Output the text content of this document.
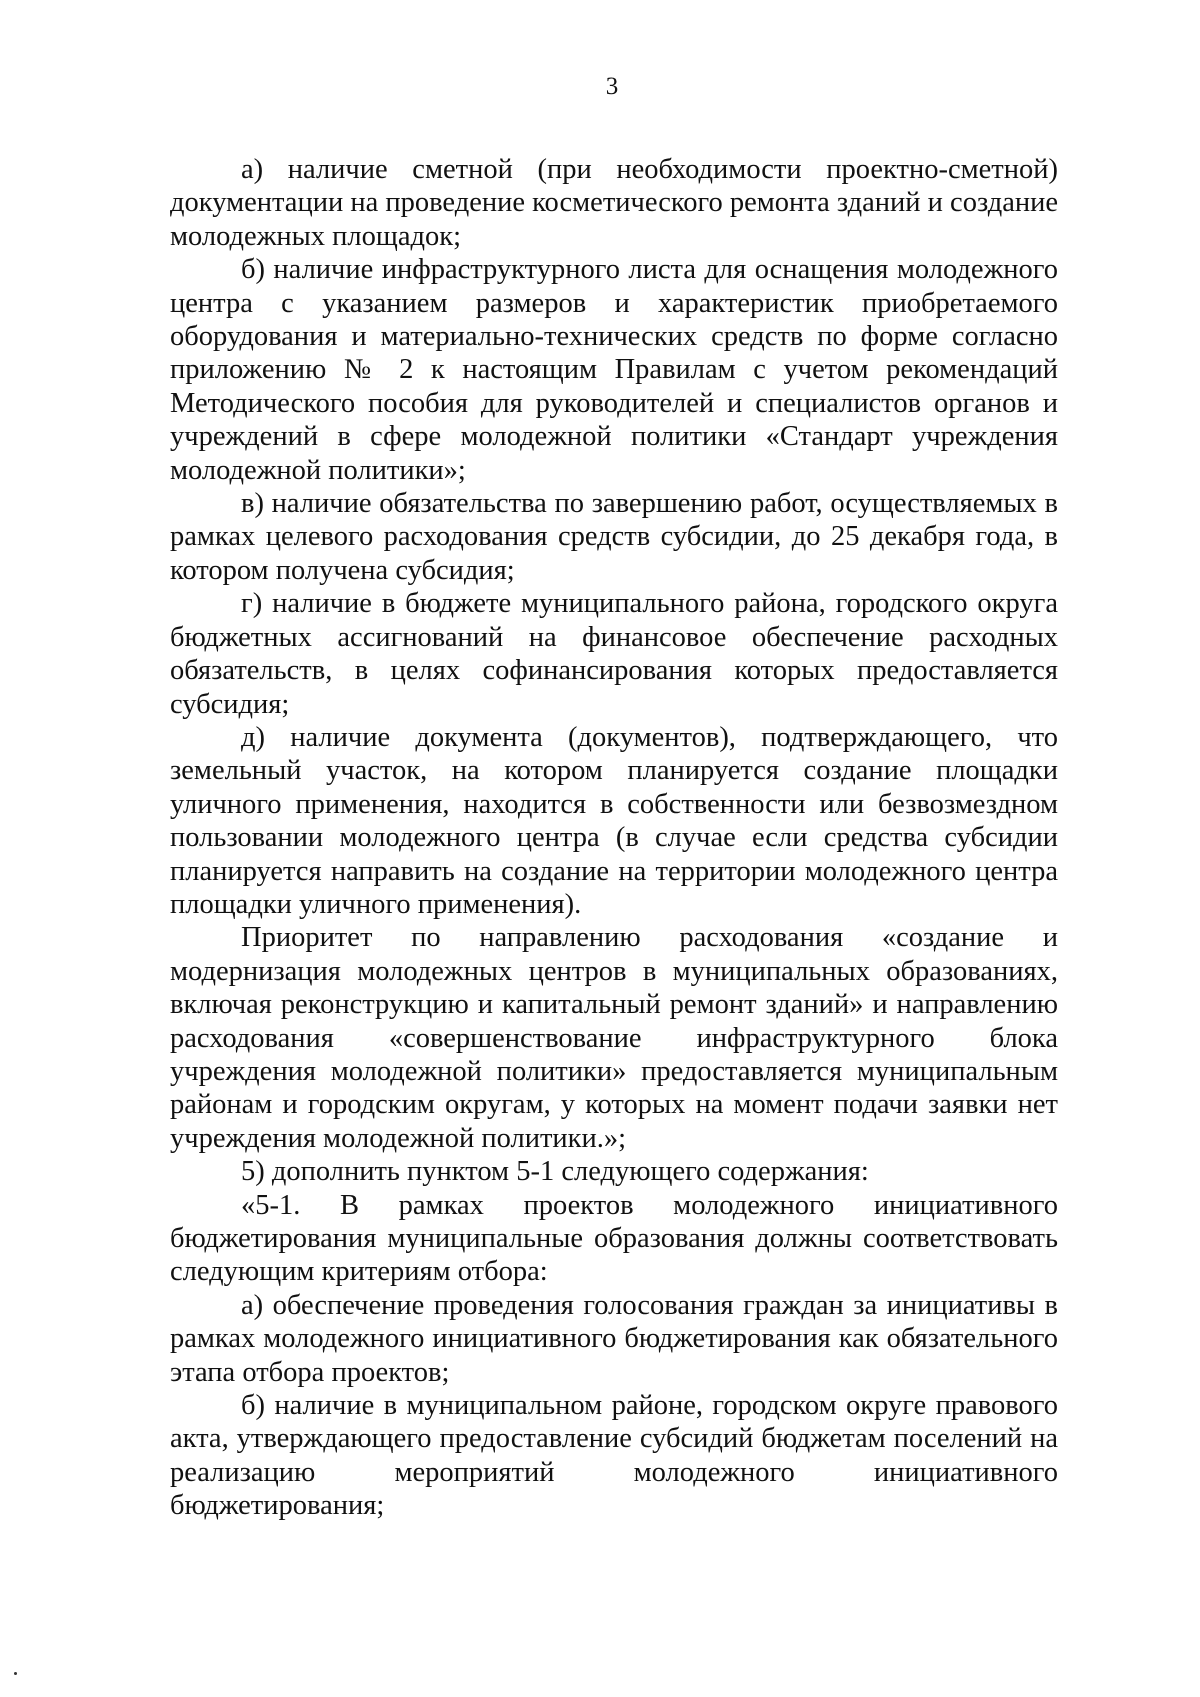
3

а) наличие сметной (при необходимости проектно-сметной) документации на проведение косметического ремонта зданий и создание молодежных площадок;

б) наличие инфраструктурного листа для оснащения молодежного центра с указанием размеров и характеристик приобретаемого оборудования и материально-технических средств по форме согласно приложению № 2 к настоящим Правилам с учетом рекомендаций Методического пособия для руководителей и специалистов органов и учреждений в сфере молодежной политики «Стандарт учреждения молодежной политики»;

в) наличие обязательства по завершению работ, осуществляемых в рамках целевого расходования средств субсидии, до 25 декабря года, в котором получена субсидия;

г) наличие в бюджете муниципального района, городского округа бюджетных ассигнований на финансовое обеспечение расходных обязательств, в целях софинансирования которых предоставляется субсидия;

д) наличие документа (документов), подтверждающего, что земельный участок, на котором планируется создание площадки уличного применения, находится в собственности или безвозмездном пользовании молодежного центра (в случае если средства субсидии планируется направить на создание на территории молодежного центра площадки уличного применения).

Приоритет по направлению расходования «создание и модернизация молодежных центров в муниципальных образованиях, включая реконструкцию и капитальный ремонт зданий» и направлению расходования «совершенствование инфраструктурного блока учреждения молодежной политики» предоставляется муниципальным районам и городским округам, у которых на момент подачи заявки нет учреждения молодежной политики.»;

5) дополнить пунктом 5-1 следующего содержания:

«5-1. В рамках проектов молодежного инициативного бюджетирования муниципальные образования должны соответствовать следующим критериям отбора:

а) обеспечение проведения голосования граждан за инициативы в рамках молодежного инициативного бюджетирования как обязательного этапа отбора проектов;

б) наличие в муниципальном районе, городском округе правового акта, утверждающего предоставление субсидий бюджетам поселений на реализацию мероприятий молодежного инициативного бюджетирования;
